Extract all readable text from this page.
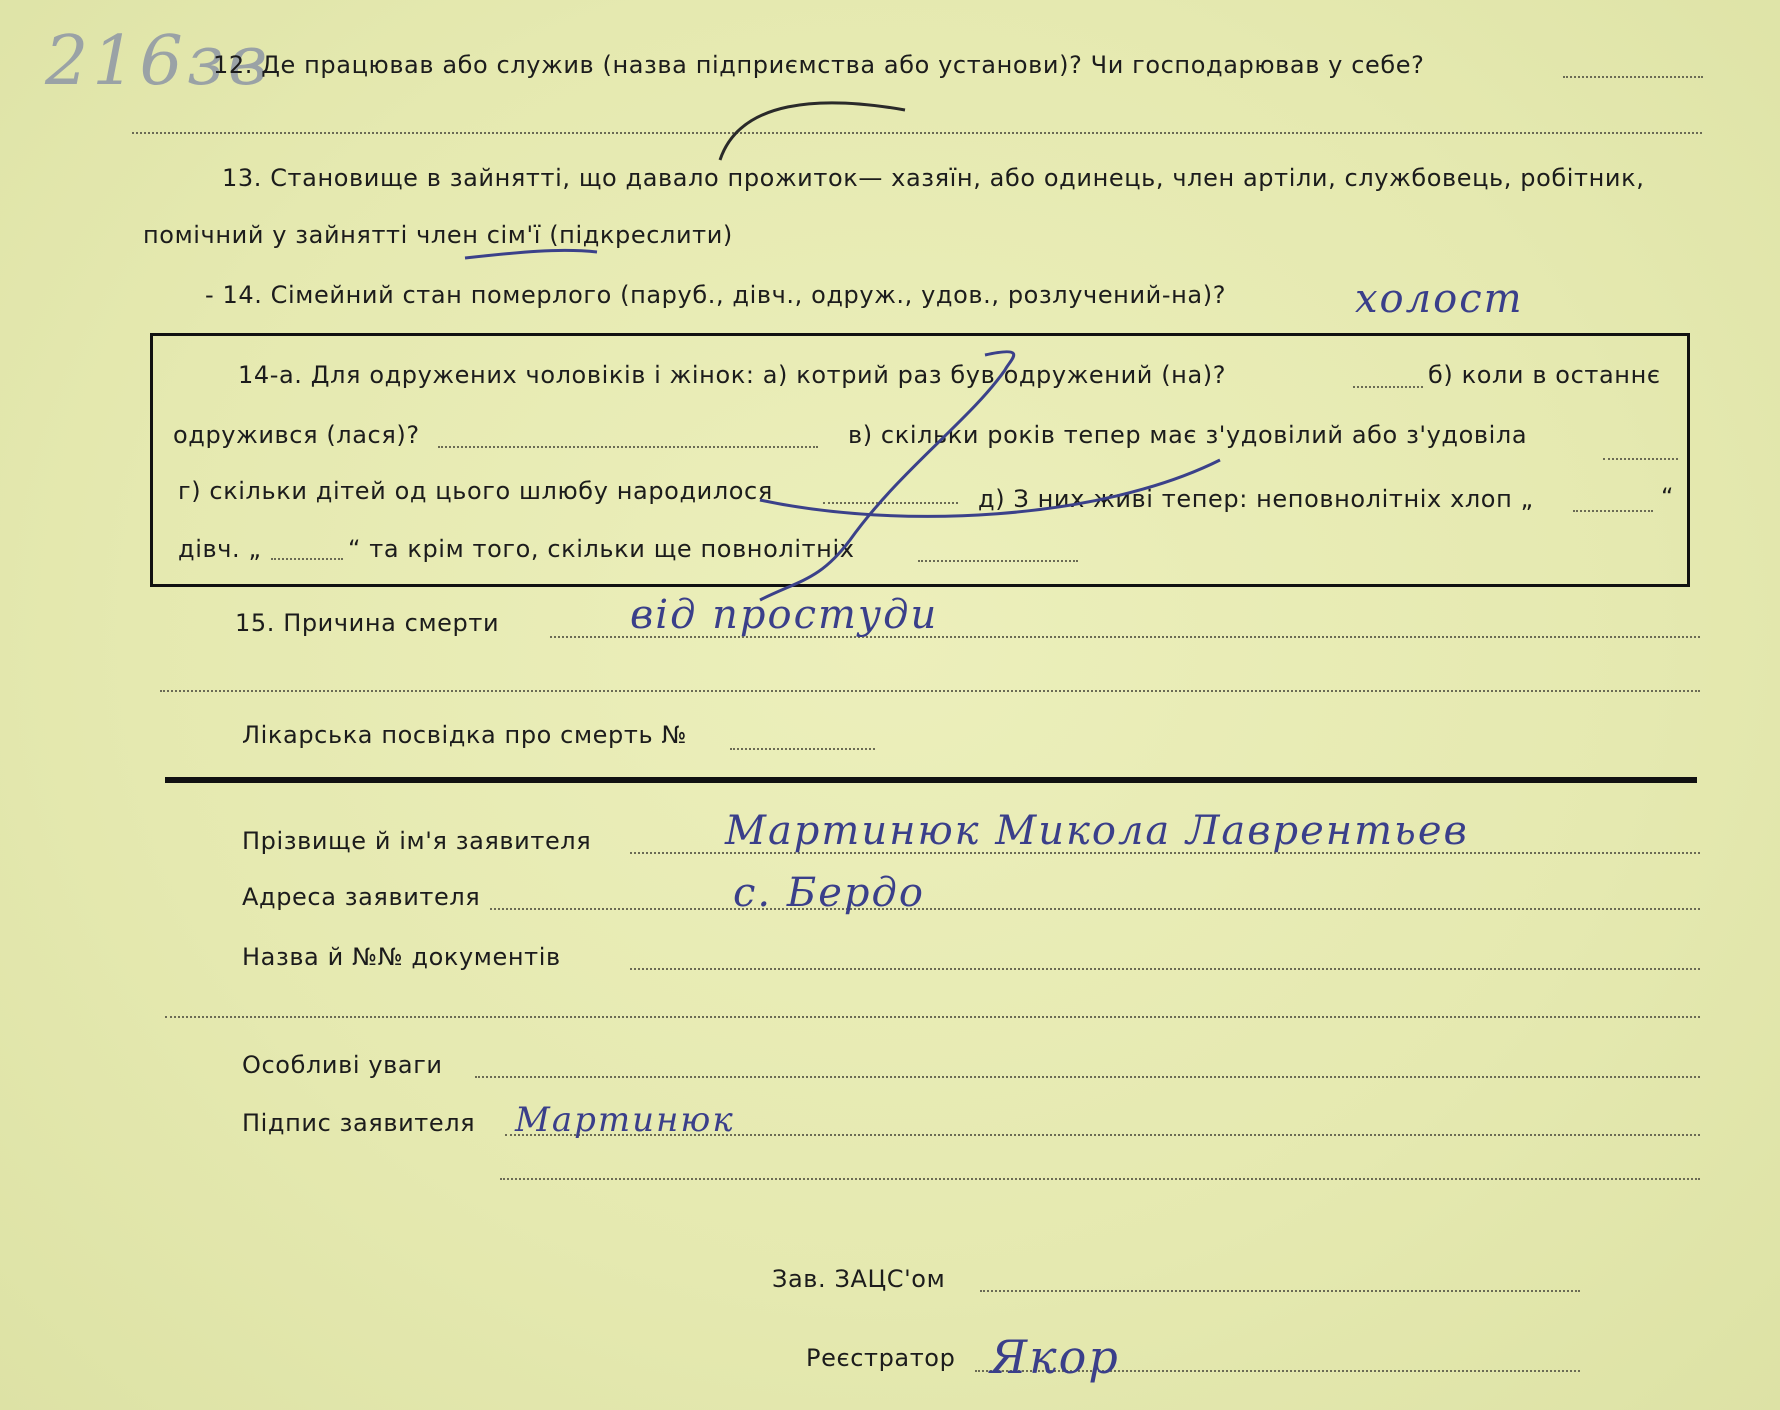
216зв
12. Де працював або служив (назва підприємства або установи)? Чи господарював у себе?
13. Становище в зайнятті, що давало прожиток— хазяїн, або одинець, член артіли, службовець, робітник,
помічний у зайнятті член сім'ї (підкреслити)
- 14. Сімейний стан померлого (паруб., дівч., одруж., удов., розлучений-на)?	холост
14-а. Для одружених чоловіків і жінок: а) котрий раз був одружений (на)?	б) коли в останнє
одружився (лася)?	в) скільки років тепер має з'удовілий або з'удовіла
г) скільки дітей од цього шлюбу народилося	д) З них живі тепер: неповнолітніх хлоп „	“
дівч. „	“ та крім того, скільки ще повнолітніх
15. Причина смерти	від простуди
Лікарська посвідка про смерть №
Прізвище й ім'я заявителя	Мартинюк Микола Лаврентьев
Адреса заявителя	с. Бердо
Назва й №№ документів
Особливі уваги
Підпис заявителя Мартинюк
Зав. ЗАЦС'ом
Реєстратор Якор
